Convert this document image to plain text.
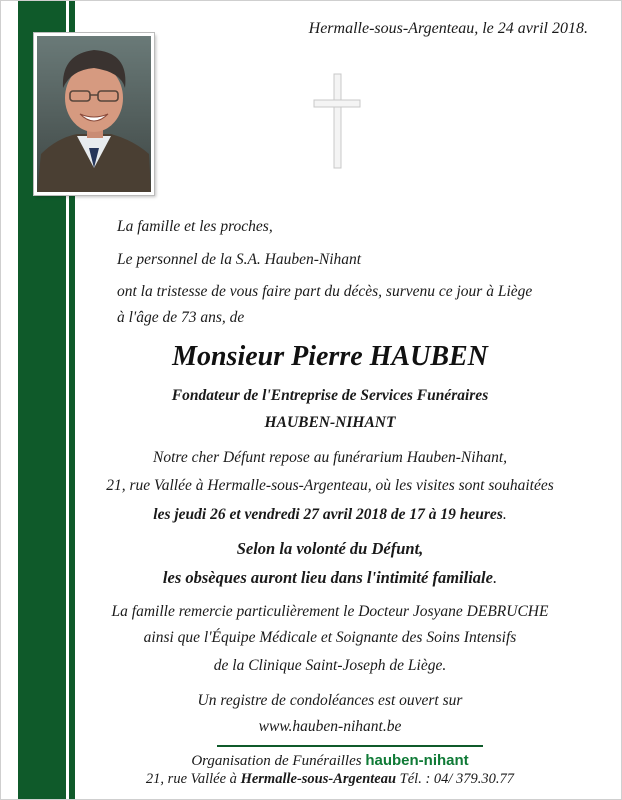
Hermalle-sous-Argenteau, le 24 avril 2018.
La famille et les proches,
Le personnel de la S.A. Hauben-Nihant
ont la tristesse de vous faire part du décès, survenu ce jour à Liège
à l'âge de 73 ans, de
Monsieur Pierre HAUBEN
Fondateur de l'Entreprise de Services Funéraires
HAUBEN-NIHANT
Notre cher Défunt repose au funérarium Hauben-Nihant,
21, rue Vallée à Hermalle-sous-Argenteau, où les visites sont souhaitées
les jeudi 26 et vendredi 27 avril 2018 de 17 à 19 heures.
Selon la volonté du Défunt,
les obsèques auront lieu dans l'intimité familiale.
La famille remercie particulièrement le Docteur Josyane DEBRUCHE
ainsi que l'Équipe Médicale et Soignante des Soins Intensifs
de la Clinique Saint-Joseph de Liège.
Un registre de condoléances est ouvert sur
www.hauben-nihant.be
Organisation de Funérailles hauben-nihant
21, rue Vallée à Hermalle-sous-Argenteau Tél. : 04/ 379.30.77
